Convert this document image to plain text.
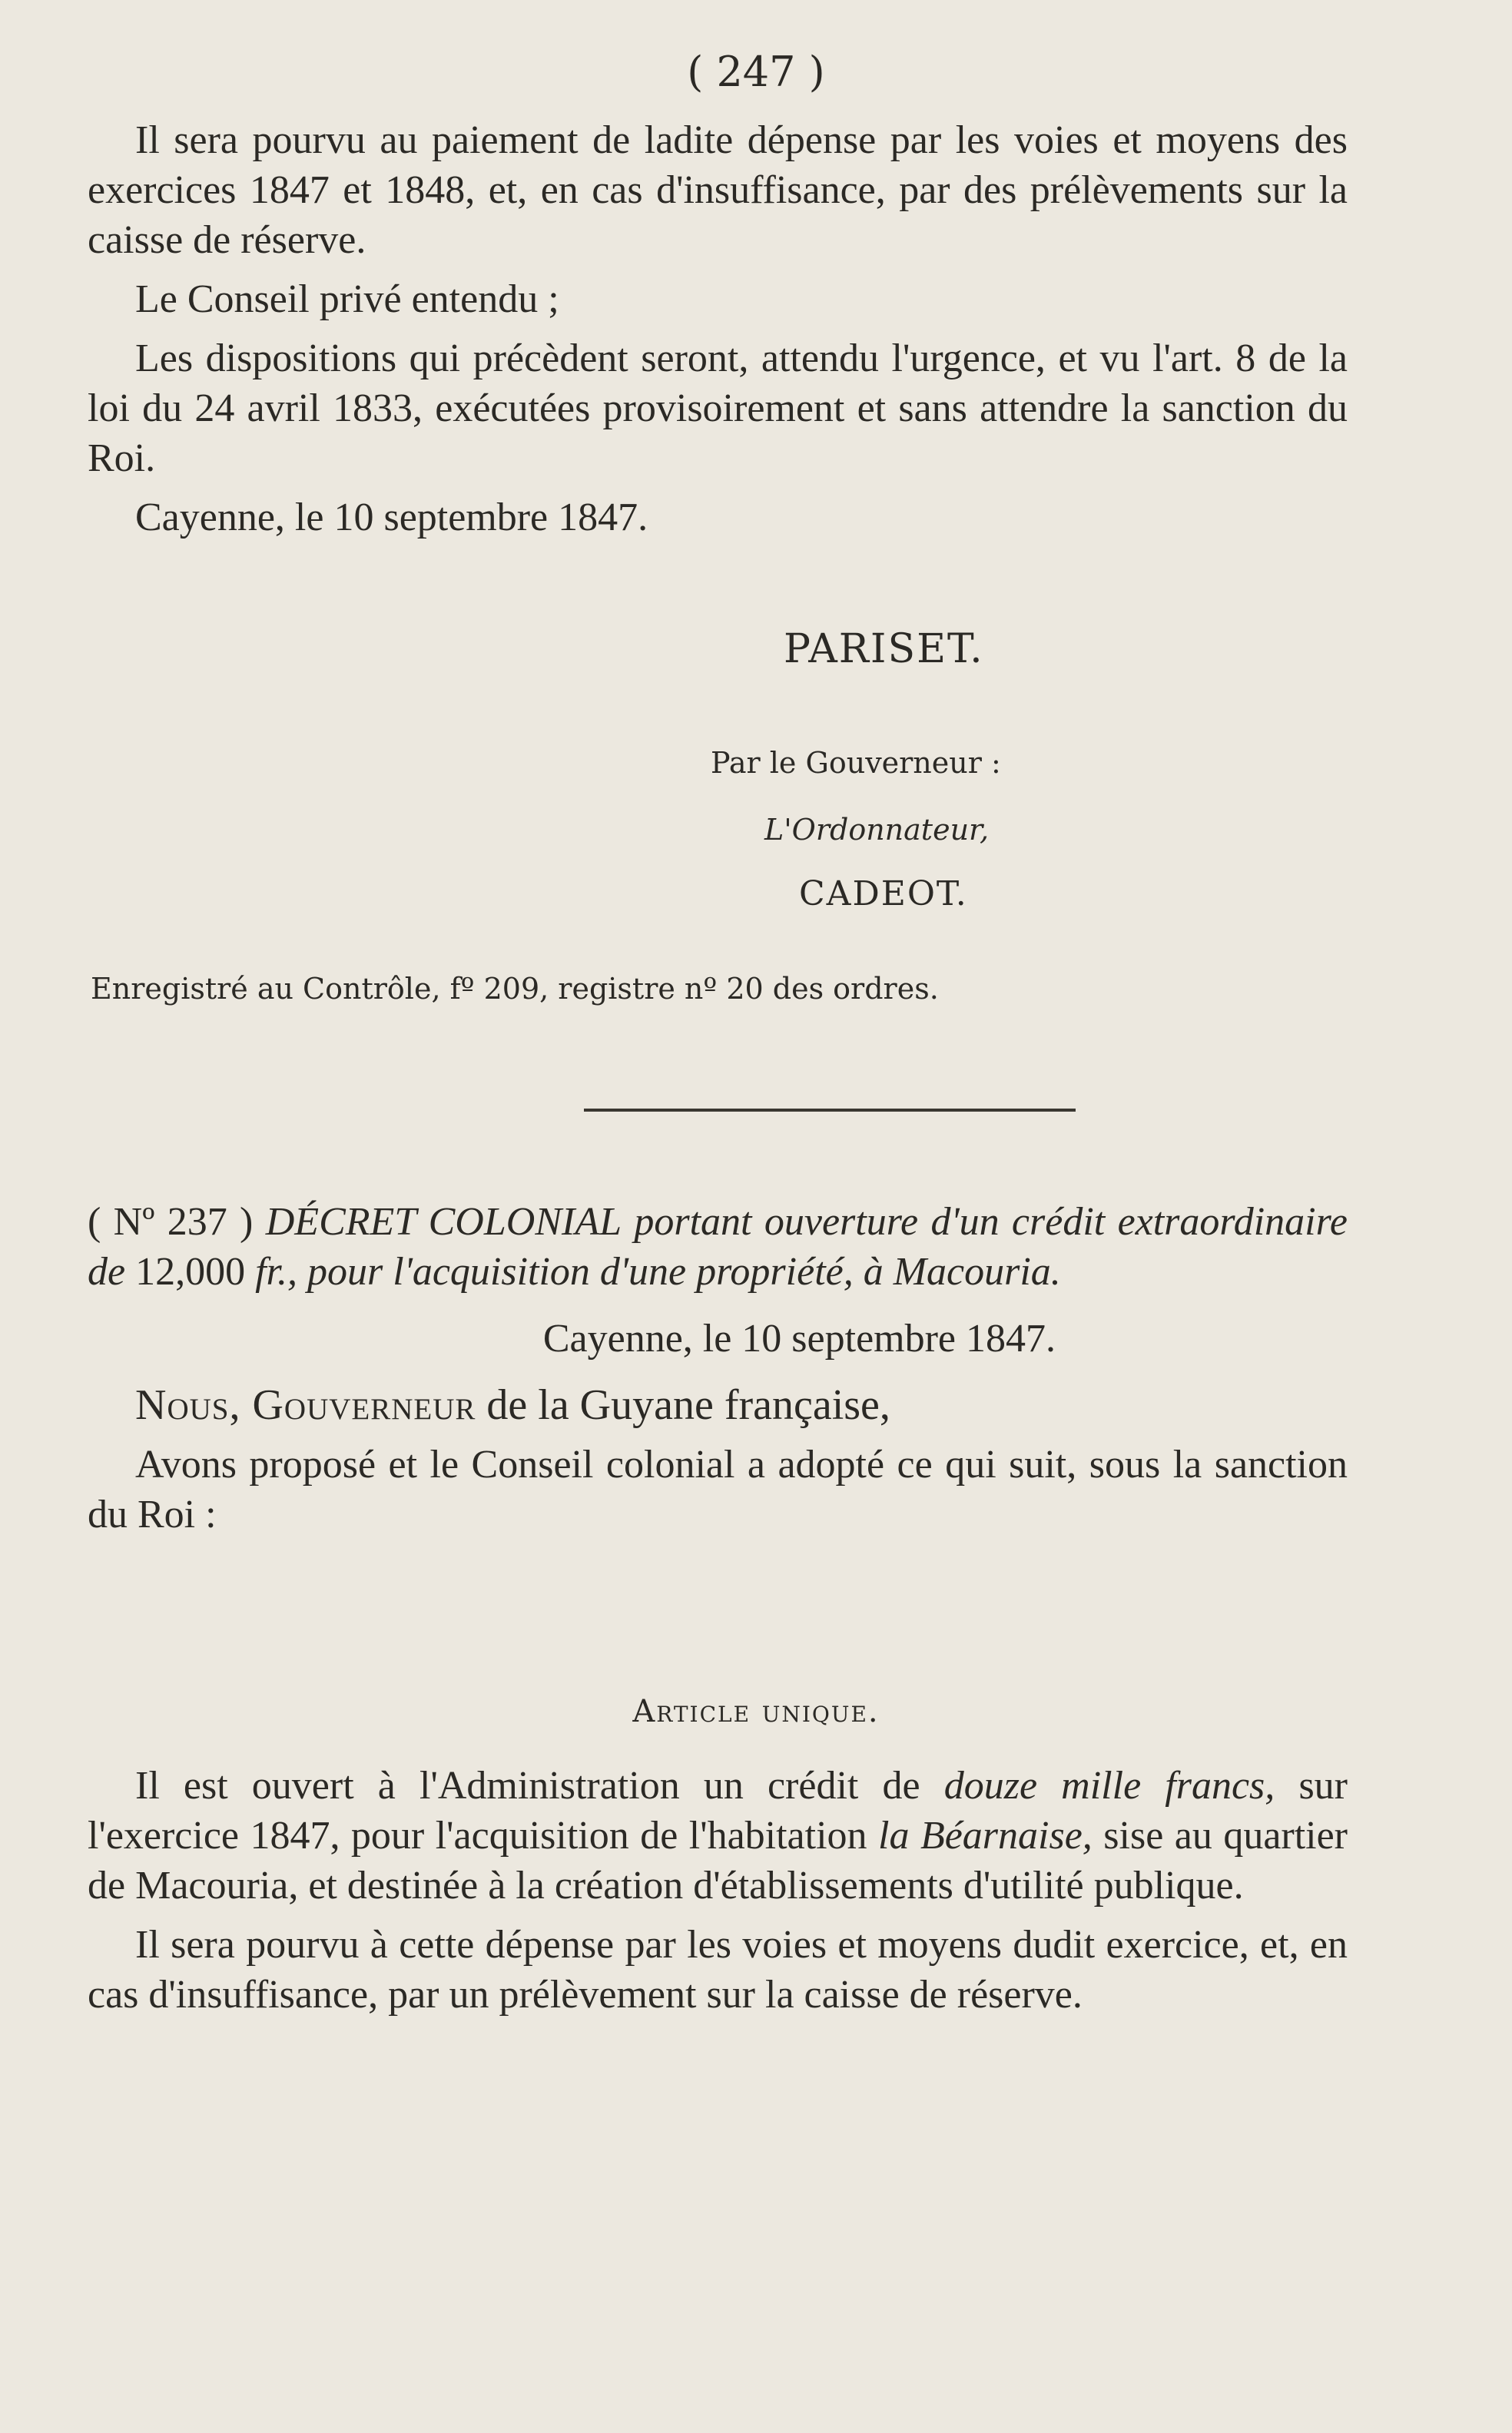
( 247 )

Il sera pourvu au paiement de ladite dépense par les voies et moyens des exercices 1847 et 1848, et, en cas d'insuffisance, par des prélèvements sur la caisse de réserve.

Le Conseil privé entendu ;

Les dispositions qui précèdent seront, attendu l'urgence, et vu l'art. 8 de la loi du 24 avril 1833, exécutées provisoirement et sans attendre la sanction du Roi.

Cayenne, le 10 septembre 1847.

PARISET.
Par le Gouverneur :
L'Ordonnateur,
CADEOT.
Enregistré au Contrôle, fº 209, registre nº 20 des ordres.

( Nº 237 ) DÉCRET COLONIAL portant ouverture d'un crédit extraordinaire de 12,000 fr., pour l'acquisition d'une propriété, à Macouria.

Cayenne, le 10 septembre 1847.

Nous, Gouverneur de la Guyane française,

Avons proposé et le Conseil colonial a adopté ce qui suit, sous la sanction du Roi :

Article unique.

Il est ouvert à l'Administration un crédit de douze mille francs, sur l'exercice 1847, pour l'acquisition de l'habitation la Béarnaise, sise au quartier de Macouria, et destinée à la création d'établissements d'utilité publique.

Il sera pourvu à cette dépense par les voies et moyens dudit exercice, et, en cas d'insuffisance, par un prélèvement sur la caisse de réserve.
